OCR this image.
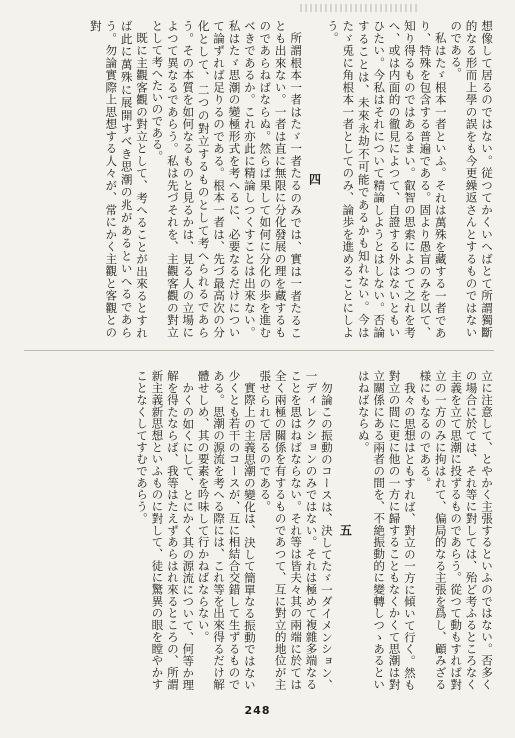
想像して居るのではない。従つてかくいへばとて所謂獨斷的なる形而上學の誤をも今更繰返さんとするものではないのである。

私はたゞ根本一者といふ。それは萬殊を藏する一者であり、特殊を包含する普遍である。固より愚盲のみを以て、知り得るものではあるまい。叡智の思索によつて之れを考へ、或は内面的の徹見によつて、自證する外はないともいひたい。今私はそれについて精論しようとはしない。否論することは、未來永劫不可能であるかも知れない。今はたゞ兎に角根本一者としてのみ、論歩を進めることにしよう。

四

所謂根本一者はたゞ一者たるのみでは、實は一者たることも出來ない。一者は直に無限に分化發展の理を藏するものであらねばならぬ。然らば果して如何に分化の歩を進むべきであるか。これ亦此に精論しつくすことは出來ない。私はたゞ思潮の變極形式を考へるに、必要なるだけについて論ずれば足りるのである。根本一者は、先づ最高次の分化として、二つの對立するものとして考へられるであらう。その本質を如何なるものと見るかは、見る人の立場によつて異なるであらう。私は先づそれを、主觀客觀の對立として考へたいのである。

既に主觀客觀の對立として、考へることが出來るとすれば此に萬殊に展開すべき思潮の兆があるといへるであらう。勿論實際上思想する人々が、常にかく主觀と客觀との對

立に注意して、とやかく主張するといふのではない。否多くの場合に於ては、それ等に對しては、殆ど考ふるところなく主義を立て思潮に投ずるものであらう。從つて動もすれば對立の一方のみに拘はれて、偏局的なる主張を爲し、顧みざる様にもなるのである。

我々の思想はともすれば、對立の一方に傾いて行く。然も對立の間に更に他の一方に歸することもなくかくて思潮は對立關係にある兩者の間を、不絶振動的に變轉しつゝあるといはねばならぬ。

五

勿論この振動のコースは、決してたゞ一ダイメンション、一ディレクションのみではない。それは極めて複雜多端なることを思はねばならない。それ等は皆夫々其の兩端に於ては全く兩極の關係を有するものであつて、互に對立的地位が主張せられて居るのである。

實際上の主義思潮の變化は、決して簡單なる振動ではない少くとも若干のコースが、互に相結合交錯して生ずるものである。思潮の源流を考へる際には、これ等を出來得るだけ解體せしめ、其の要素を吟味して行かねばならない。

かくの如くにして、とにかく其の源流について、何等か理解を得たならば、我等はたえずあらはれ來るところの、所謂新主義新思想といふものに對して、徒に驚異の眼を瞠やかすことなくしてすむであらう。

248
